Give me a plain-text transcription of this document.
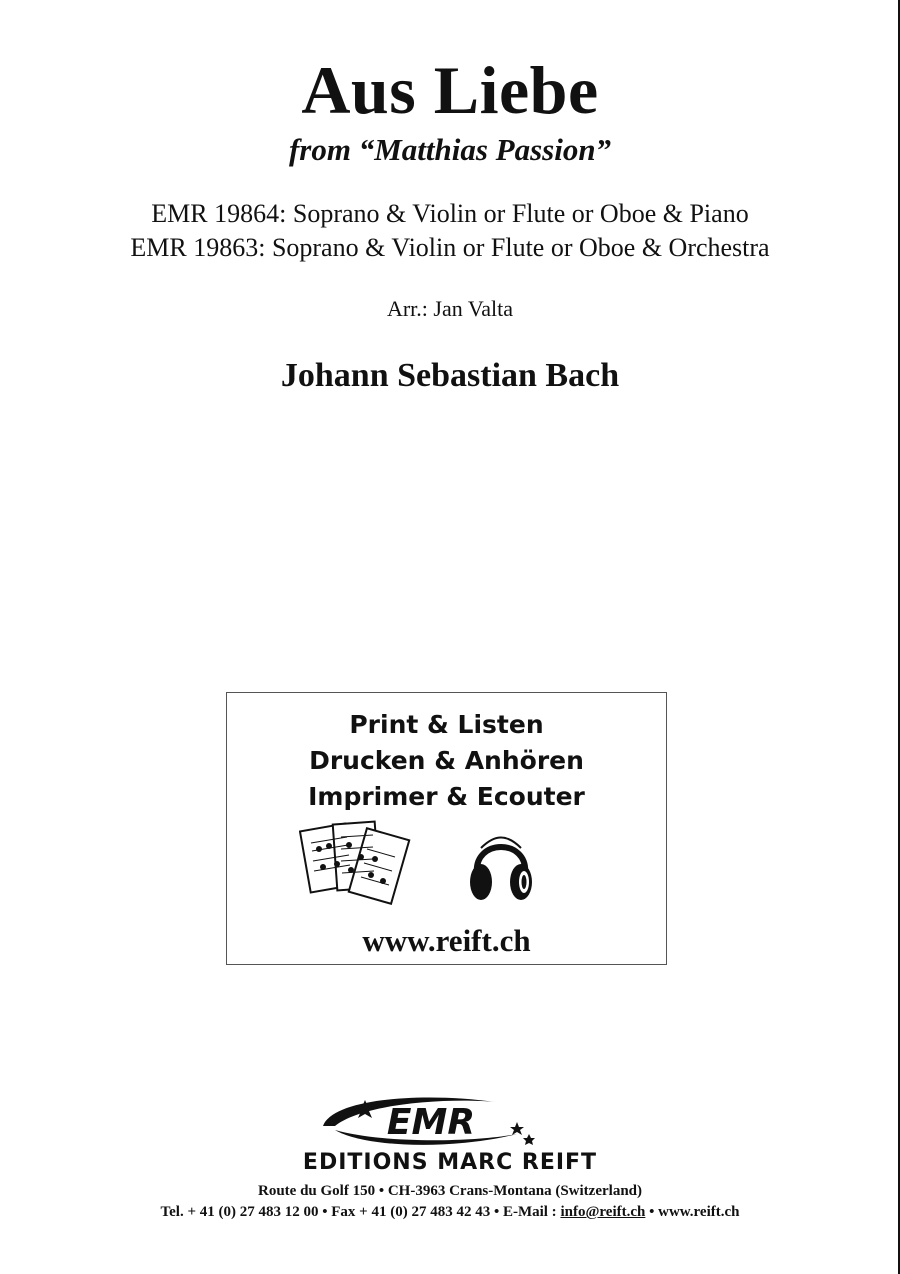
Aus Liebe
from “Matthias Passion”
EMR 19864: Soprano & Violin or Flute or Oboe & Piano
EMR 19863: Soprano & Violin or Flute or Oboe & Orchestra
Arr.: Jan Valta
Johann Sebastian Bach
Print & Listen
Drucken & Anhören
Imprimer & Ecouter
www.reift.ch
EMR
EDITIONS MARC REIFT
Route du Golf 150 • CH-3963 Crans-Montana (Switzerland)
Tel. + 41 (0) 27 483 12 00 • Fax + 41 (0) 27 483 42 43 • E-Mail : info@reift.ch • www.reift.ch
